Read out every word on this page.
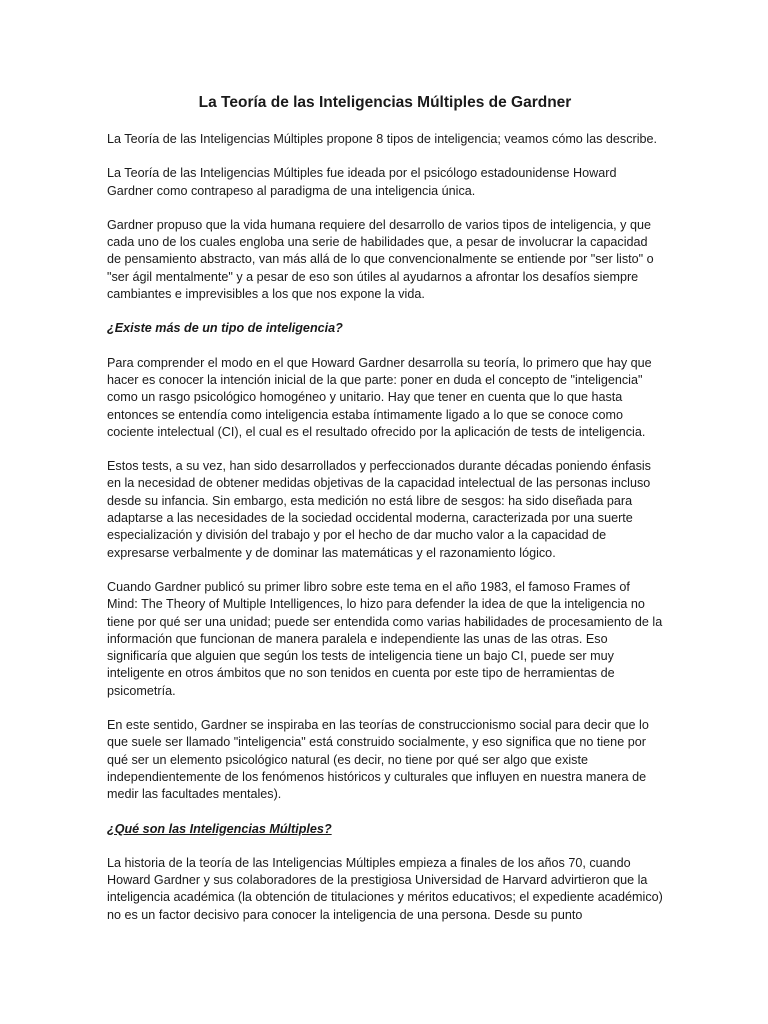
La Teoría de las Inteligencias Múltiples de Gardner

La Teoría de las Inteligencias Múltiples propone 8 tipos de inteligencia; veamos cómo las describe.

La Teoría de las Inteligencias Múltiples fue ideada por el psicólogo estadounidense Howard Gardner como contrapeso al paradigma de una inteligencia única.

Gardner propuso que la vida humana requiere del desarrollo de varios tipos de inteligencia, y que cada uno de los cuales engloba una serie de habilidades que, a pesar de involucrar la capacidad de pensamiento abstracto, van más allá de lo que convencionalmente se entiende por "ser listo" o "ser ágil mentalmente" y a pesar de eso son útiles al ayudarnos a afrontar los desafíos siempre cambiantes e imprevisibles a los que nos expone la vida.

¿Existe más de un tipo de inteligencia?

Para comprender el modo en el que Howard Gardner desarrolla su teoría, lo primero que hay que hacer es conocer la intención inicial de la que parte: poner en duda el concepto de "inteligencia" como un rasgo psicológico homogéneo y unitario. Hay que tener en cuenta que lo que hasta entonces se entendía como inteligencia estaba íntimamente ligado a lo que se conoce como cociente intelectual (CI), el cual es el resultado ofrecido por la aplicación de tests de inteligencia.

Estos tests, a su vez, han sido desarrollados y perfeccionados durante décadas poniendo énfasis en la necesidad de obtener medidas objetivas de la capacidad intelectual de las personas incluso desde su infancia. Sin embargo, esta medición no está libre de sesgos: ha sido diseñada para adaptarse a las necesidades de la sociedad occidental moderna, caracterizada por una suerte especialización y división del trabajo y por el hecho de dar mucho valor a la capacidad de expresarse verbalmente y de dominar las matemáticas y el razonamiento lógico.

Cuando Gardner publicó su primer libro sobre este tema en el año 1983, el famoso Frames of Mind: The Theory of Multiple Intelligences, lo hizo para defender la idea de que la inteligencia no tiene por qué ser una unidad; puede ser entendida como varias habilidades de procesamiento de la información que funcionan de manera paralela e independiente las unas de las otras. Eso significaría que alguien que según los tests de inteligencia tiene un bajo CI, puede ser muy inteligente en otros ámbitos que no son tenidos en cuenta por este tipo de herramientas de psicometría.

En este sentido, Gardner se inspiraba en las teorías de construccionismo social para decir que lo que suele ser llamado "inteligencia" está construido socialmente, y eso significa que no tiene por qué ser un elemento psicológico natural (es decir, no tiene por qué ser algo que existe independientemente de los fenómenos históricos y culturales que influyen en nuestra manera de medir las facultades mentales).

¿Qué son las Inteligencias Múltiples?

La historia de la teoría de las Inteligencias Múltiples empieza a finales de los años 70, cuando Howard Gardner y sus colaboradores de la prestigiosa Universidad de Harvard advirtieron que la inteligencia académica (la obtención de titulaciones y méritos educativos; el expediente académico) no es un factor decisivo para conocer la inteligencia de una persona. Desde su punto
